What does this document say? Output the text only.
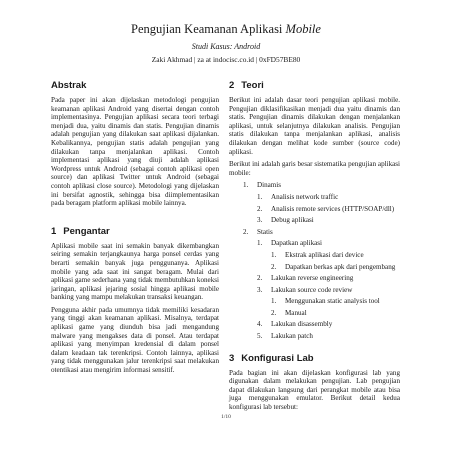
Pengujian Keamanan Aplikasi Mobile
Studi Kasus: Android
Zaki Akhmad | za at indocisc.co.id | 0xFD57BE80
Abstrak

Pada paper ini akan dijelaskan metodologi pengujian keamanan aplikasi Android yang disertai dengan contoh implementasinya. Pengujian aplikasi secara teori terbagi menjadi dua, yaitu dinamis dan statis. Pengujian dinamis adalah pengujian yang dilakukan saat aplikasi dijalankan. Kebalikannya, pengujian statis adalah pengujian yang dilakukan tanpa menjalankan aplikasi. Contoh implementasi aplikasi yang diuji adalah aplikasi Wordpress untuk Android (sebagai contoh aplikasi open source) dan aplikasi Twitter untuk Android (sebagai contoh aplikasi close source). Metodologi yang dijelaskan ini bersifat agnostik, sehingga bisa diimplementasikan pada beragam platform aplikasi mobile lainnya.

1 Pengantar

Aplikasi mobile saat ini semakin banyak dikembangkan seiring semakin terjangkaunya harga ponsel cerdas yang berarti semakin banyak juga penggunanya. Aplikasi mobile yang ada saat ini sangat beragam. Mulai dari aplikasi game sederhana yang tidak membutuhkan koneksi jaringan, aplikasi jejaring sosial hingga aplikasi mobile banking yang mampu melakukan transaksi keuangan.

Pengguna akhir pada umumnya tidak memiliki kesadaran yang tinggi akan keamanan aplikasi. Misalnya, terdapat aplikasi game yang diunduh bisa jadi mengandung malware yang mengakses data di ponsel. Atau terdapat aplikasi yang menyimpan kredensial di dalam ponsel dalam keadaan tak terenkripsi. Contoh lainnya, aplikasi yang tidak menggunakan jalur terenkripsi saat melakukan otentikasi atau mengirim informasi sensitif.

2 Teori

Berikut ini adalah dasar teori pengujian aplikasi mobile. Pengujian diklasifikasikan menjadi dua yaitu dinamis dan statis. Pengujian dinamis dilakukan dengan menjalankan aplikasi, untuk selanjutnya dilakukan analisis. Pengujian statis dilakukan tanpa menjalankan aplikasi, analisis dilakukan dengan melihat kode sumber (source code) aplikasi.

Berikut ini adalah garis besar sistematika pengujian aplikasi mobile:

1.	Dinamis
1.	Analisis network traffic
2.	Analisis remote services (HTTP/SOAP/dll)
3.	Debug aplikasi
2.	Statis
1.	Dapatkan aplikasi
1.	Ekstrak aplikasi dari device
2.	Dapatkan berkas apk dari pengembang
2.	Lakukan reverse engineering
3.	Lakukan source code review
1.	Menggunakan static analysis tool
2.	Manual
4.	Lakukan disassembly
5.	Lakukan patch
3 Konfigurasi Lab

Pada bagian ini akan dijelaskan konfigurasi lab yang digunakan dalam melakukan pengujian. Lab pengujian dapat dilakukan langsung dari perangkat mobile atau bisa juga menggunakan emulator. Berikut detail kedua konfigurasi lab tersebut:

1/10
